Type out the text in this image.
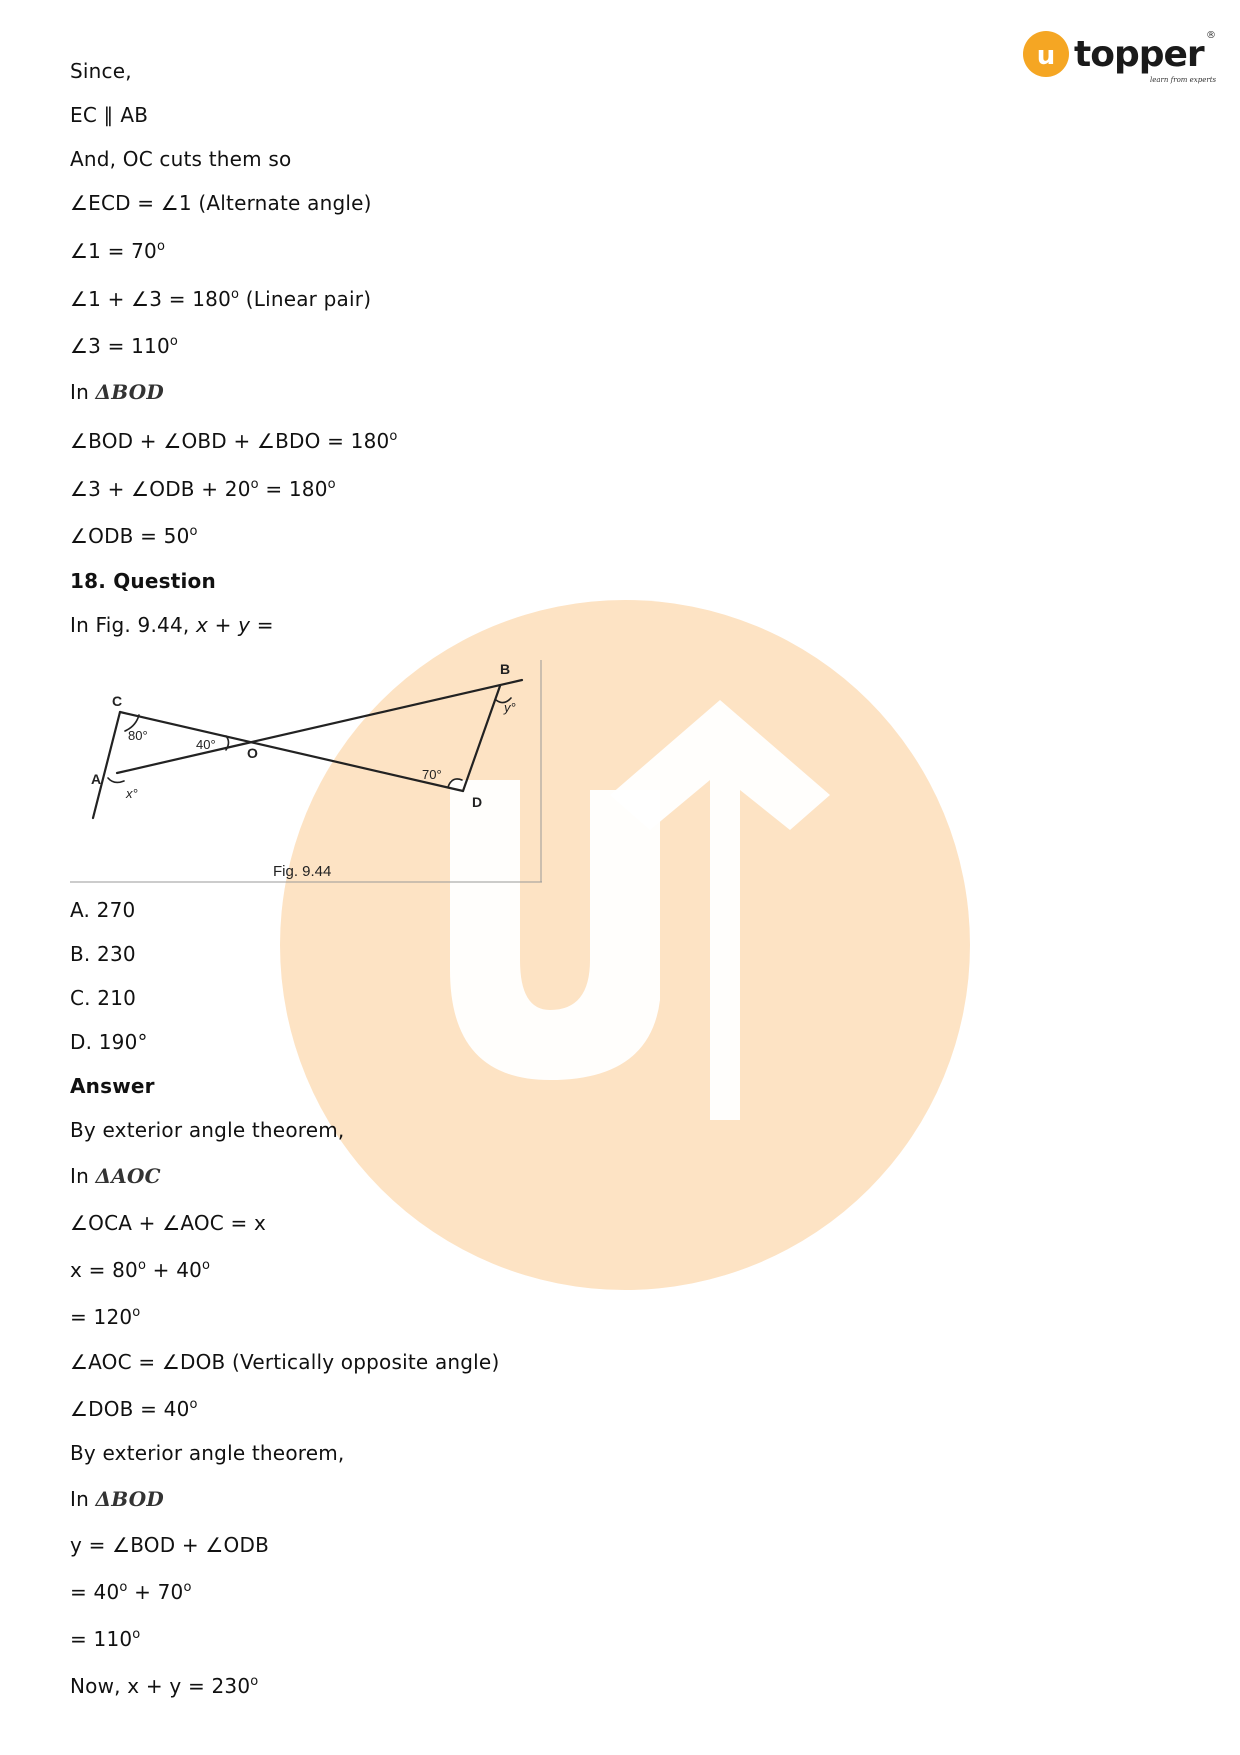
u topper
learn from experts
®
Since,
EC ∥ AB
And, OC cuts them so
∠ECD = ∠1 (Alternate angle)
∠1 = $70^o$
∠1 + ∠3 = $180^o$ (Linear pair)
∠3 = $110^o$
In ΔBOD
∠BOD + ∠OBD + ∠BDO = $180^o$
∠3 + ∠ODB + $20^o = 180^o$
∠ODB = $50^o$
18. Question
In Fig. 9.44, x + y =
A. 270
B. 230
C. 210
D. 190°
Answer
By exterior angle theorem,
In ΔAOC
∠OCA + ∠AOC = x
$x = 80^o + 40^o$
= $120^o$
∠AOC = ∠DOB (Vertically opposite angle)
∠DOB = $40^o$
By exterior angle theorem,
In ΔBOD
y = ∠BOD + ∠ODB
= $40^o + 70^o$
= $110^o$
Now, $x + y = 230^o$
C
A
B
D
O
80°
40°
70°
x°
y°
Fig. 9.44
